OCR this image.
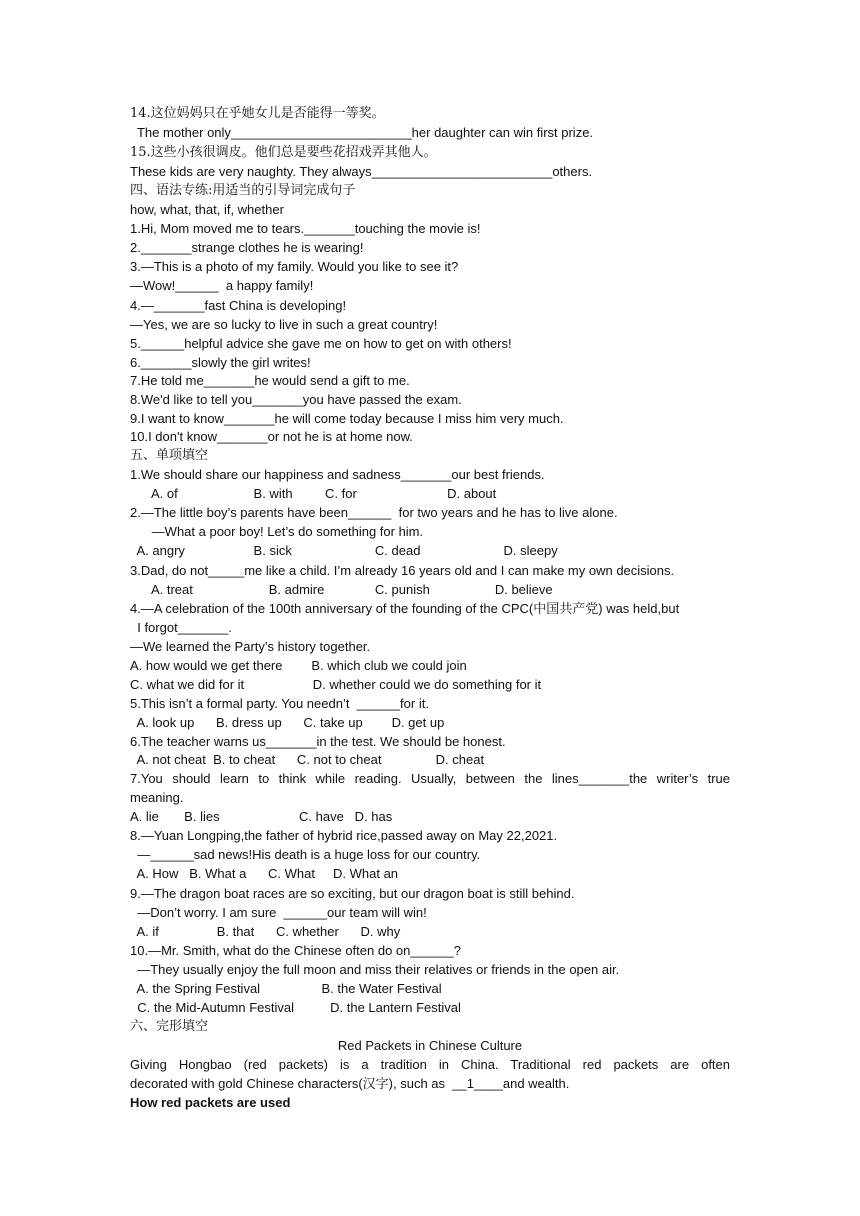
14.这位妈妈只在乎她女儿是否能得一等奖。
The mother only_________________________her daughter can win first prize.
15.这些小孩很调皮。他们总是要些花招戏弄其他人。
These kids are very naughty. They always_________________________others.
四、语法专练:用适当的引导词完成句子
how, what, that, if, whether
1.Hi, Mom moved me to tears._______touching the movie is!
2._______strange clothes he is wearing!
3.—This is a photo of my family. Would you like to see it?
—Wow!______  a happy family!
4.—_______fast China is developing!
—Yes, we are so lucky to live in such a great country!
5.______helpful advice she gave me on how to get on with others!
6._______slowly the girl writes!
7.He told me_______he would send a gift to me.
8.We'd like to tell you_______you have passed the exam.
9.I want to know_______he will come today because I miss him very much.
10.I don't know_______or not he is at home now.
五、单项填空
1.We should share our happiness and sadness_______our best friends.
A. of                     B. with         C. for                         D. about
2.—The little boy’s parents have been______  for two years and he has to live alone.
—What a poor boy! Let’s do something for him.
A. angry                   B. sick                       C. dead                       D. sleepy
3.Dad, do not_____me like a child. I’m already 16 years old and I can make my own decisions.
A. treat                     B. admire              C. punish                  D. believe
4.—A celebration of the 100th anniversary of the founding of the CPC(中国共产党) was held,but
I forgot_______.
—We learned the Party’s history together.
A. how would we get there        B. which club we could join
C. what we did for it                   D. whether could we do something for it
5.This isn’t a formal party. You needn’t  ______for it.
A. look up      B. dress up      C. take up        D. get up
6.The teacher warns us_______in the test. We should be honest.
A. not cheat  B. to cheat      C. not to cheat               D. cheat
7.You should learn to think while reading. Usually, between the lines_______the writer’s true
meaning.
A. lie       B. lies                      C. have   D. has
8.—Yuan Longping,the father of hybrid rice,passed away on May 22,2021.
—______sad news!His death is a huge loss for our country.
A. How   B. What a      C. What     D. What an
9.—The dragon boat races are so exciting, but our dragon boat is still behind.
—Don’t worry. I am sure  ______our team will win!
A. if                B. that      C. whether      D. why
10.—Mr. Smith, what do the Chinese often do on______?
—They usually enjoy the full moon and miss their relatives or friends in the open air.
A. the Spring Festival                 B. the Water Festival
C. the Mid-Autumn Festival          D. the Lantern Festival
六、完形填空
Red Packets in Chinese Culture
Giving Hongbao (red packets) is a tradition in China. Traditional red packets are often
decorated with gold Chinese characters(汉字), such as  __1____and wealth.
How red packets are used
